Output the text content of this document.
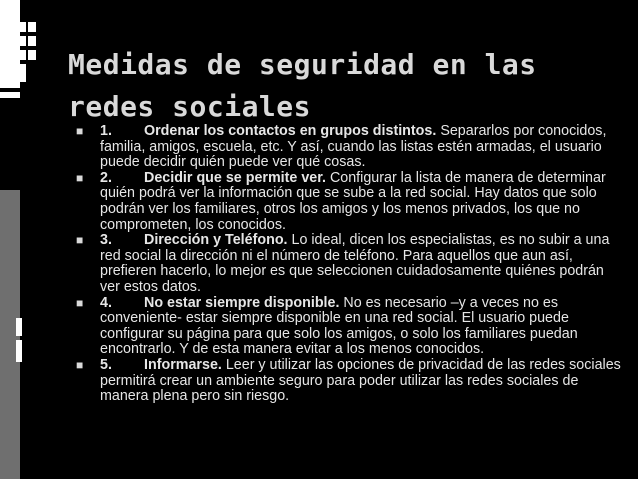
Medidas de seguridad en las redes sociales
■ 1. Ordenar los contactos en grupos distintos. Separarlos por conocidos, familia, amigos, escuela, etc. Y así, cuando las listas estén armadas, el usuario puede decidir quién puede ver qué cosas.
■ 2. Decidir que se permite ver. Configurar la lista de manera de determinar quién podrá ver la información que se sube a la red social. Hay datos que solo podrán ver los familiares, otros los amigos y los menos privados, los que no comprometen, los conocidos.
■ 3. Dirección y Teléfono. Lo ideal, dicen los especialistas, es no subir a una red social la dirección ni el número de teléfono. Para aquellos que aun así, prefieren hacerlo, lo mejor es que seleccionen cuidadosamente quiénes podrán ver estos datos.
■ 4. No estar siempre disponible. No es necesario –y a veces no es conveniente- estar siempre disponible en una red social. El usuario puede configurar su página para que solo los amigos, o solo los familiares puedan encontrarlo. Y de esta manera evitar a los menos conocidos.
■ 5. Informarse. Leer y utilizar las opciones de privacidad de las redes sociales permitirá crear un ambiente seguro para poder utilizar las redes sociales de manera plena pero sin riesgo.
